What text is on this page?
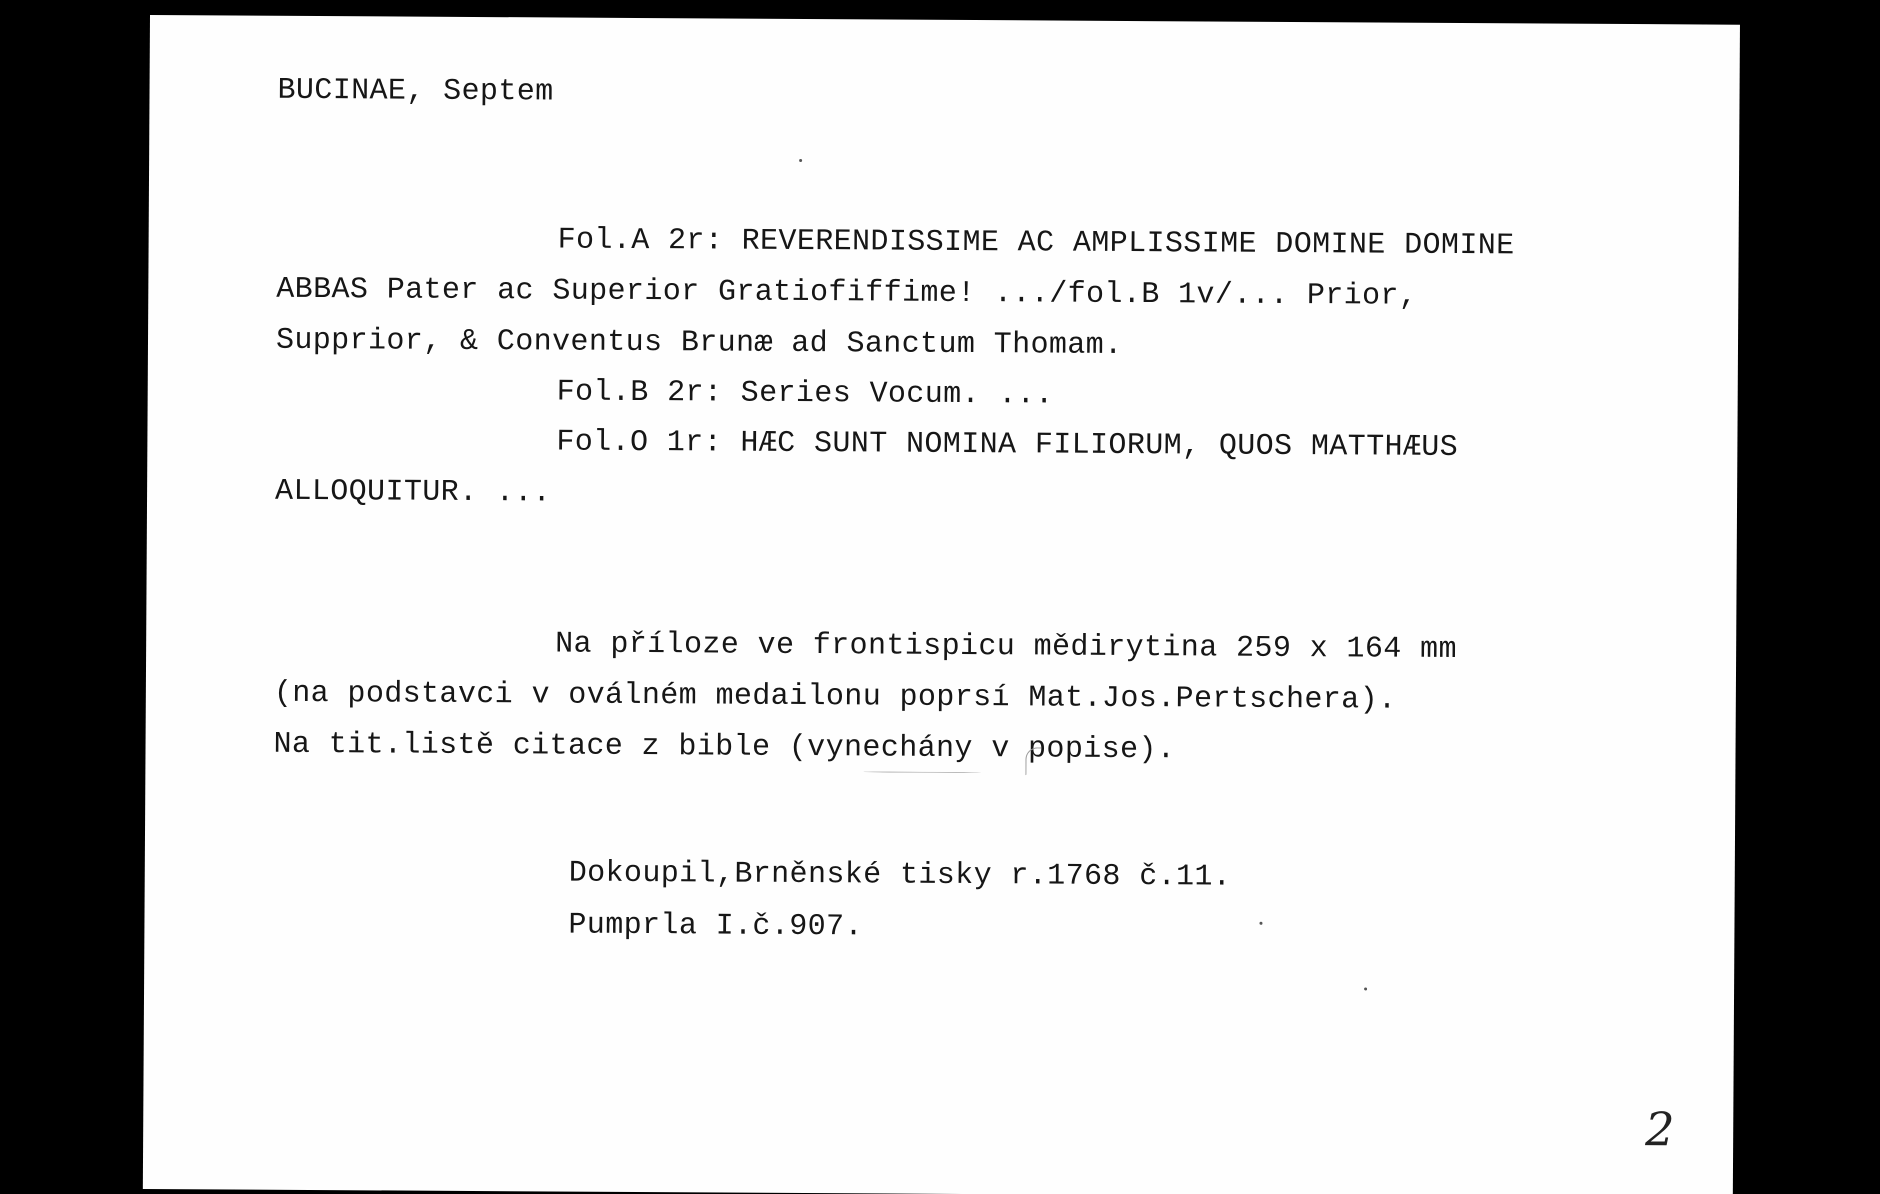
BUCINAE, Septem
Fol.A 2r: REVERENDISSIME AC AMPLISSIME DOMINE DOMINE
ABBAS Pater ac Superior Gratiofiffime! .../fol.B 1v/... Prior,
Supprior, & Conventus Brunæ ad Sanctum Thomam.
Fol.B 2r: Series Vocum. ...
Fol.O 1r: HÆC SUNT NOMINA FILIORUM, QUOS MATTHÆUS
ALLOQUITUR. ...
Na příloze ve frontispicu mědirytina 259 x 164 mm
(na podstavci v oválném medailonu poprsí Mat.Jos.Pertschera).
Na tit.listě citace z bible (vynechány v popise).
Dokoupil,Brněnské tisky r.1768 č.11.
Pumprla I.č.907.
2
